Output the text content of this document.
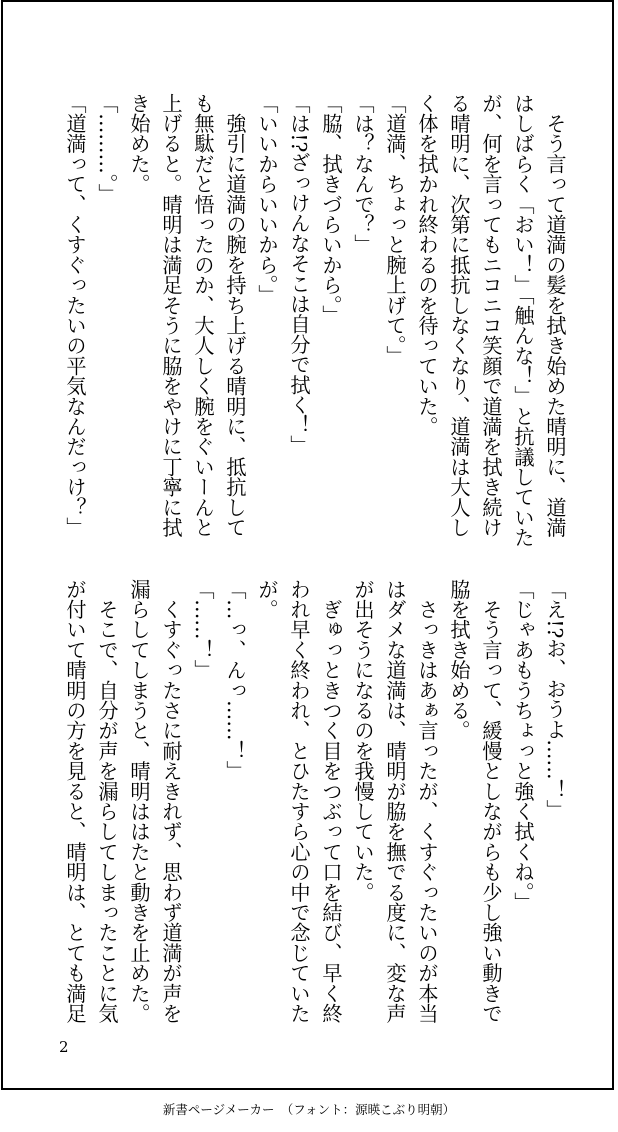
　そう言って道満の髪を拭き始めた晴明に、道満

はしばらく「おい！」「触んな！」と抗議していた

が、何を言ってもニコニコ笑顔で道満を拭き続け

る晴明に、次第に抵抗しなくなり、道満は大人し

く体を拭かれ終わるのを待っていた。

「道満、ちょっと腕上げて。」

「は？なんで？」

「脇、拭きづらいから。」

「は!?ざっけんなそこは自分で拭く！」

「いいからいいから。」

　強引に道満の腕を持ち上げる晴明に、抵抗して

も無駄だと悟ったのか、大人しく腕をぐいーんと

上げると。晴明は満足そうに脇をやけに丁寧に拭

き始めた。

「………。」

「道満って、くすぐったいの平気なんだっけ？」

「え!?お、おうよ……！」

「じゃあもうちょっと強く拭くね。」

　そう言って、緩慢としながらも少し強い動きで

脇を拭き始める。

　さっきはあぁ言ったが、くすぐったいのが本当

はダメな道満は、晴明が脇を撫でる度に、変な声

が出そうになるのを我慢していた。

　ぎゅっときつく目をつぶって口を結び、早く終

われ早く終われ、とひたすら心の中で念じていた

が。

「…っ、んっ……！」

「……！」

　くすぐったさに耐えきれず、思わず道満が声を

漏らしてしまうと、晴明ははたと動きを止めた。

　そこで、自分が声を漏らしてしまったことに気

が付いて晴明の方を見ると、晴明は、とても満足

2
新書ページメーカー　（フォント：源暎こぶり明朝）
